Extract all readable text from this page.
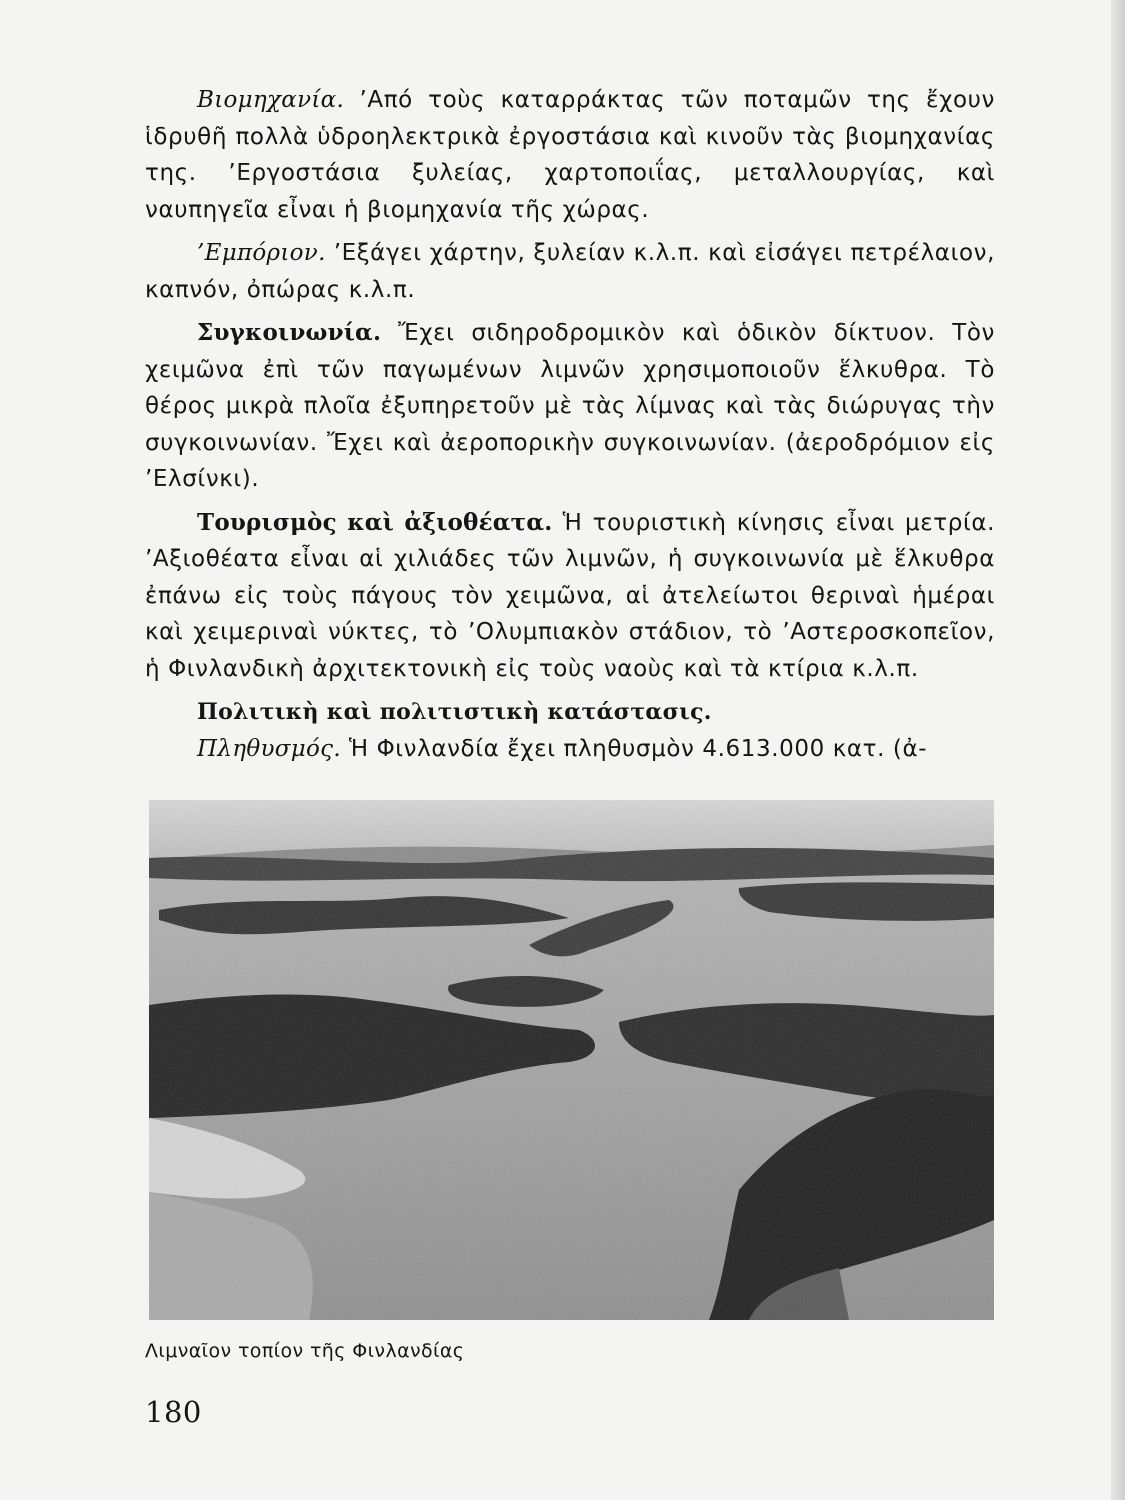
Βιομηχανία. ’Από τοὺς καταρράκτας τῶν ποταμῶν της ἔχουν ἱδρυθῆ πολλὰ ὑδροηλεκτρικὰ ἐργοστάσια καὶ κινοῦν τὰς βιομηχανίας της. ’Εργοστάσια ξυλείας, χαρτοποιΐας, μεταλλουργίας, καὶ ναυπηγεῖα εἶναι ἡ βιομηχανία τῆς χώρας.

’Εμπόριον. ’Εξάγει χάρτην, ξυλείαν κ.λ.π. καὶ εἰσάγει πετρέλαιον, καπνόν, ὀπώρας κ.λ.π.

Συγκοινωνία. Ἔχει σιδηροδρομικὸν καὶ ὁδικὸν δίκτυον. Τὸν χειμῶνα ἐπὶ τῶν παγωμένων λιμνῶν χρησιμοποιοῦν ἕλκυθρα. Τὸ θέρος μικρὰ πλοῖα ἐξυπηρετοῦν μὲ τὰς λίμνας καὶ τὰς διώρυγας τὴν συγκοινωνίαν. Ἔχει καὶ ἀεροπορικὴν συγκοινωνίαν. (ἀεροδρόμιον εἰς ’Ελσίνκι).

Τουρισμὸς καὶ ἀξιοθέατα. Ἡ τουριστικὴ κίνησις εἶναι μετρία. ’Αξιοθέατα εἶναι αἱ χιλιάδες τῶν λιμνῶν, ἡ συγκοινωνία μὲ ἕλκυθρα ἐπάνω εἰς τοὺς πάγους τὸν χειμῶνα, αἱ ἀτελείωτοι θεριναὶ ἡμέραι καὶ χειμεριναὶ νύκτες, τὸ ’Ολυμπιακὸν στάδιον, τὸ ’Αστεροσκοπεῖον, ἡ Φινλανδικὴ ἀρχιτεκτονικὴ εἰς τοὺς ναοὺς καὶ τὰ κτίρια κ.λ.π.

Πολιτικὴ καὶ πολιτιστικὴ κατάστασις.

Πληθυσμός. Ἡ Φινλανδία ἔχει πληθυσμὸν 4.613.000 κατ. (ἀ-

Λιμναῖον τοπίον τῆς Φινλανδίας
180
